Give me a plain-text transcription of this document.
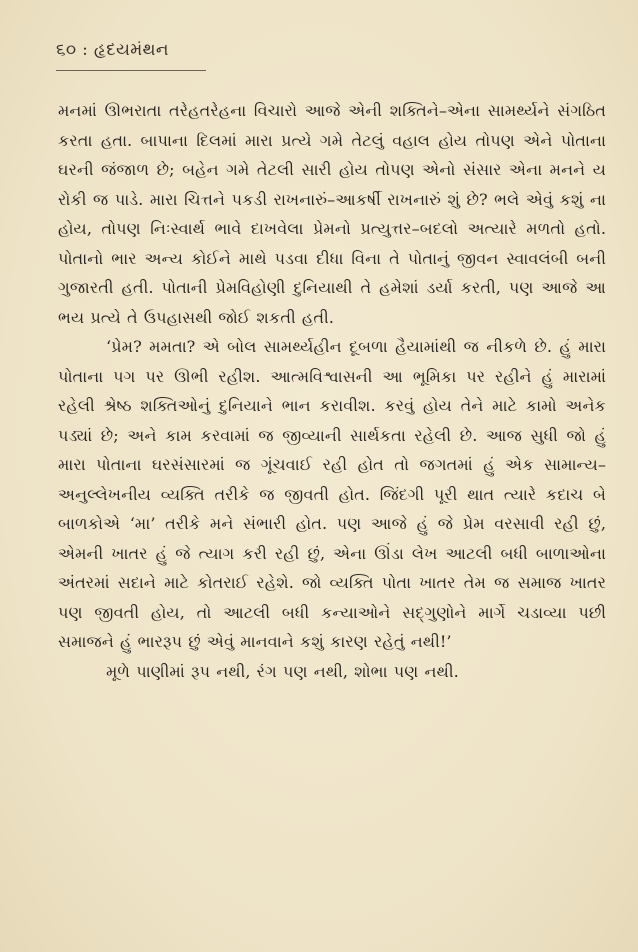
૬૦ : હૃદયમંથન

મનમાં ઊભરાતા તરેહતરેહના વિચારો આજે એની શક્તિને–એના સામર્થ્યને સંગઠિત કરતા હતા. બાપાના દિલમાં મારા પ્રત્યે ગમે તેટલું વહાલ હોય તોપણ એને પોતાના ઘરની જંજાળ છે; બહેન ગમે તેટલી સારી હોય તોપણ એનો સંસાર એના મનને ય રોકી જ પાડે. મારા ચિત્તને પકડી રાખનારું–આકર્ષી રાખનારું શું છે? ભલે એવું કશું ના હોય, તોપણ નિઃસ્વાર્થ ભાવે દાખવેલા પ્રેમનો પ્રત્યુત્તર–બદલો અત્યારે મળતો હતો. પોતાનો ભાર અન્ય કોઈને માથે પડવા દીધા વિના તે પોતાનું જીવન સ્વાવલંબી બની ગુજારતી હતી. પોતાની પ્રેમવિહોણી દુનિયાથી તે હમેશાં ડર્યા કરતી, પણ આજે આ ભય પ્રત્યે તે ઉપહાસથી જોઈ શકતી હતી.

‘પ્રેમ? મમતા? એ બોલ સામર્થ્યહીન દૂબળા હૈયામાંથી જ નીકળે છે. હું મારા પોતાના પગ પર ઊભી રહીશ. આત્મવિશ્વાસની આ ભૂમિકા પર રહીને હું મારામાં રહેલી શ્રેષ્ઠ શક્તિઓનું દુનિયાને ભાન કરાવીશ. કરવું હોય તેને માટે કામો અનેક પડ્યાં છે; અને કામ કરવામાં જ જીવ્યાની સાર્થકતા રહેલી છે. આજ સુધી જો હું મારા પોતાના ઘરસંસારમાં જ ગૂંચવાઈ રહી હોત તો જગતમાં હું એક સામાન્ય–અનુલ્લેખનીય વ્યક્તિ તરીકે જ જીવતી હોત. જિંદગી પૂરી થાત ત્યારે કદાચ બે બાળકોએ ‘મા’ તરીકે મને સંભારી હોત. પણ આજે હું જે પ્રેમ વરસાવી રહી છું, એમની ખાતર હું જે ત્યાગ કરી રહી છું, એના ઊંડા લેખ આટલી બધી બાળાઓના અંતરમાં સદાને માટે કોતરાઈ રહેશે. જો વ્યક્તિ પોતા ખાતર તેમ જ સમાજ ખાતર પણ જીવતી હોય, તો આટલી બધી કન્યાઓને સદ્‌ગુણોને માર્ગે ચડાવ્યા પછી સમાજને હું ભારરૂપ છું એવું માનવાને કશું કારણ રહેતું નથી!’

મૂળે પાણીમાં રૂપ નથી, રંગ પણ નથી, શોભા પણ નથી.
